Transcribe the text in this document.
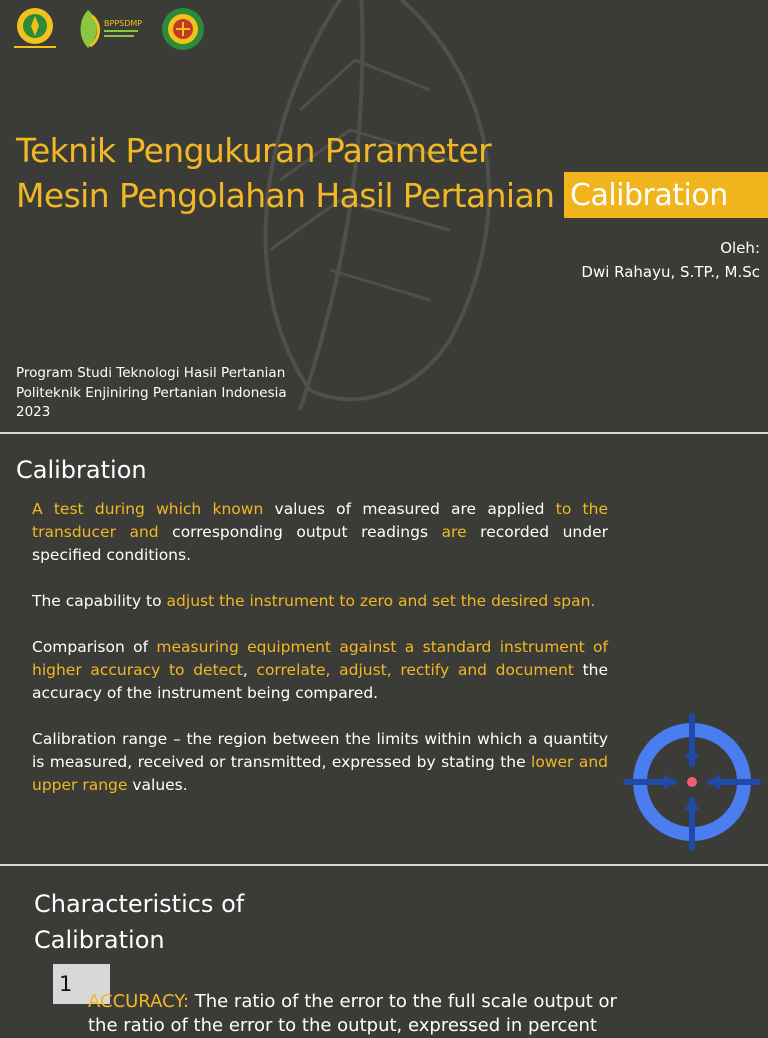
BPPSDMP
Teknik Pengukuran Parameter
Mesin Pengolahan Hasil Pertanian Calibration
Oleh:
Dwi Rahayu, S.TP., M.Sc
Program Studi Teknologi Hasil Pertanian
Politeknik Enjiniring Pertanian Indonesia
2023
Calibration

A test during which known values of measured are applied to the transducer and corresponding output readings are recorded under specified conditions.

The capability to adjust the instrument to zero and set the desired span.

Comparison of measuring equipment against a standard instrument of higher accuracy to detect, correlate, adjust, rectify and document the accuracy of the instrument being compared.

Calibration range – the region between the limits within which a quantity is measured, received or transmitted, expressed by stating the lower and upper range values.

Characteristics of
Calibration
1
ACCURACY: The ratio of the error to the full scale output or
the ratio of the error to the output, expressed in percent
